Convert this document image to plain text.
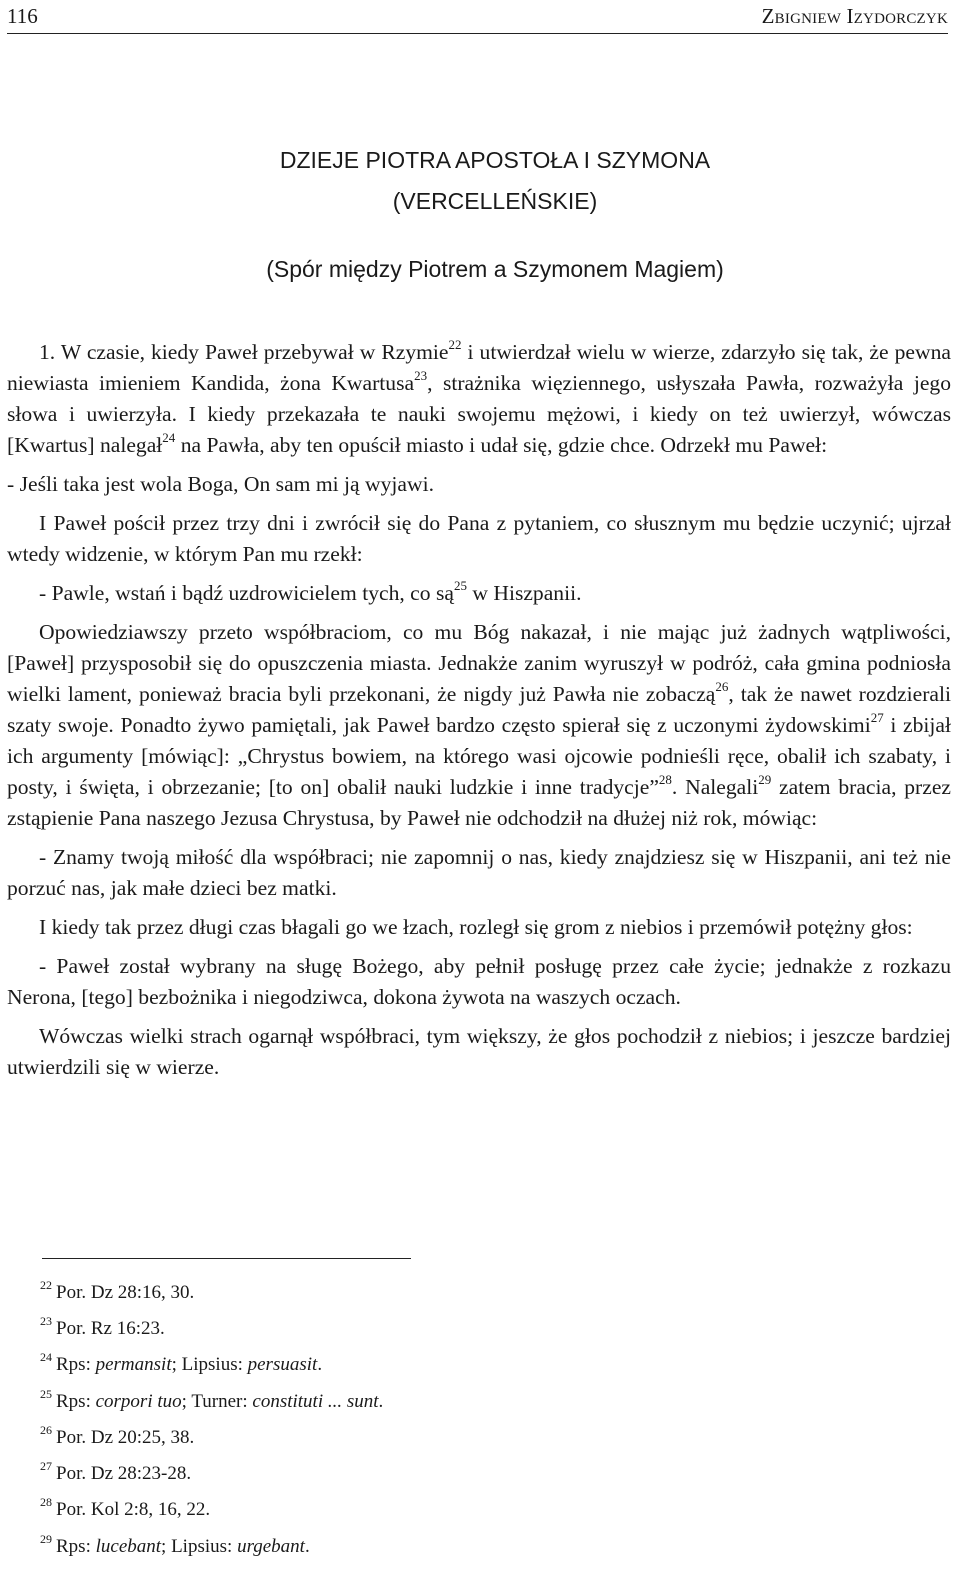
116	Zbigniew Izydorczyk
DZIEJE PIOTRA APOSTOŁA I SZYMONA
(VERCELLEŃSKIE)
(Spór między Piotrem a Szymonem Magiem)

1. W czasie, kiedy Paweł przebywał w Rzymie$^{22}$ i utwierdzał wielu w wierze, zdarzyło się tak, że pewna niewiasta imieniem Kandida, żona Kwartusa$^{23}$, strażnika więziennego, usłyszała Pawła, rozważyła jego słowa i uwierzyła. I kiedy przekazała te nauki swojemu mężowi, i kiedy on też uwierzył, wówczas [Kwartus] nalegał$^{24}$ na Pawła, aby ten opuścił miasto i udał się, gdzie chce. Odrzekł mu Paweł:

- Jeśli taka jest wola Boga, On sam mi ją wyjawi.

I Paweł pościł przez trzy dni i zwrócił się do Pana z pytaniem, co słusznym mu będzie uczynić; ujrzał wtedy widzenie, w którym Pan mu rzekł:

- Pawle, wstań i bądź uzdrowicielem tych, co $są^{25}$ w Hiszpanii.

Opowiedziawszy przeto współbraciom, co mu Bóg nakazał, i nie mając już żadnych wątpliwości, [Paweł] przysposobił się do opuszczenia miasta. Jednakże zanim wyruszył w podróż, cała gmina podniosła wielki lament, ponieważ bracia byli przekonani, że nigdy już Pawła nie zobaczą$^{26}$, tak że nawet rozdzierali szaty swoje. Ponadto żywo pamiętali, jak Paweł bardzo często spierał się z uczonymi żydowskimi$^{27}$ i zbijał ich argumenty [mówiąc]: „Chrystus bowiem, na którego wasi ojcowie podnieśli ręce, obalił ich szabaty, i posty, i święta, i obrzezanie; [to on] obalił nauki ludzkie i inne tradycje”$^{28}$. Nalegali$^{29}$ zatem bracia, przez zstąpienie Pana naszego Jezusa Chrystusa, by Paweł nie odchodził na dłużej niż rok, mówiąc:

- Znamy twoją miłość dla współbraci; nie zapomnij o nas, kiedy znajdziesz się w Hiszpanii, ani też nie porzuć nas, jak małe dzieci bez matki.

I kiedy tak przez długi czas błagali go we łzach, rozległ się grom z niebios i przemówił potężny głos:

- Paweł został wybrany na sługę Bożego, aby pełnił posługę przez całe życie; jednakże z rozkazu Nerona, [tego] bezbożnika i niegodziwca, dokona żywota na waszych oczach.

Wówczas wielki strach ogarnął współbraci, tym większy, że głos pochodził z niebios; i jeszcze bardziej utwierdzili się w wierze.

$^{22}$ Por. Dz 28:16, 30.
$^{23}$ Por. Rz 16:23.
$^{24}$ Rps: permansit; Lipsius: persuasit.
$^{25}$ Rps: corpori tuo; Turner: constituti ... sunt.
$^{26}$ Por. Dz 20:25, 38.
$^{27}$ Por. Dz 28:23-28.
$^{28}$ Por. Kol 2:8, 16, 22.
$^{29}$ Rps: lucebant; Lipsius: urgebant.
